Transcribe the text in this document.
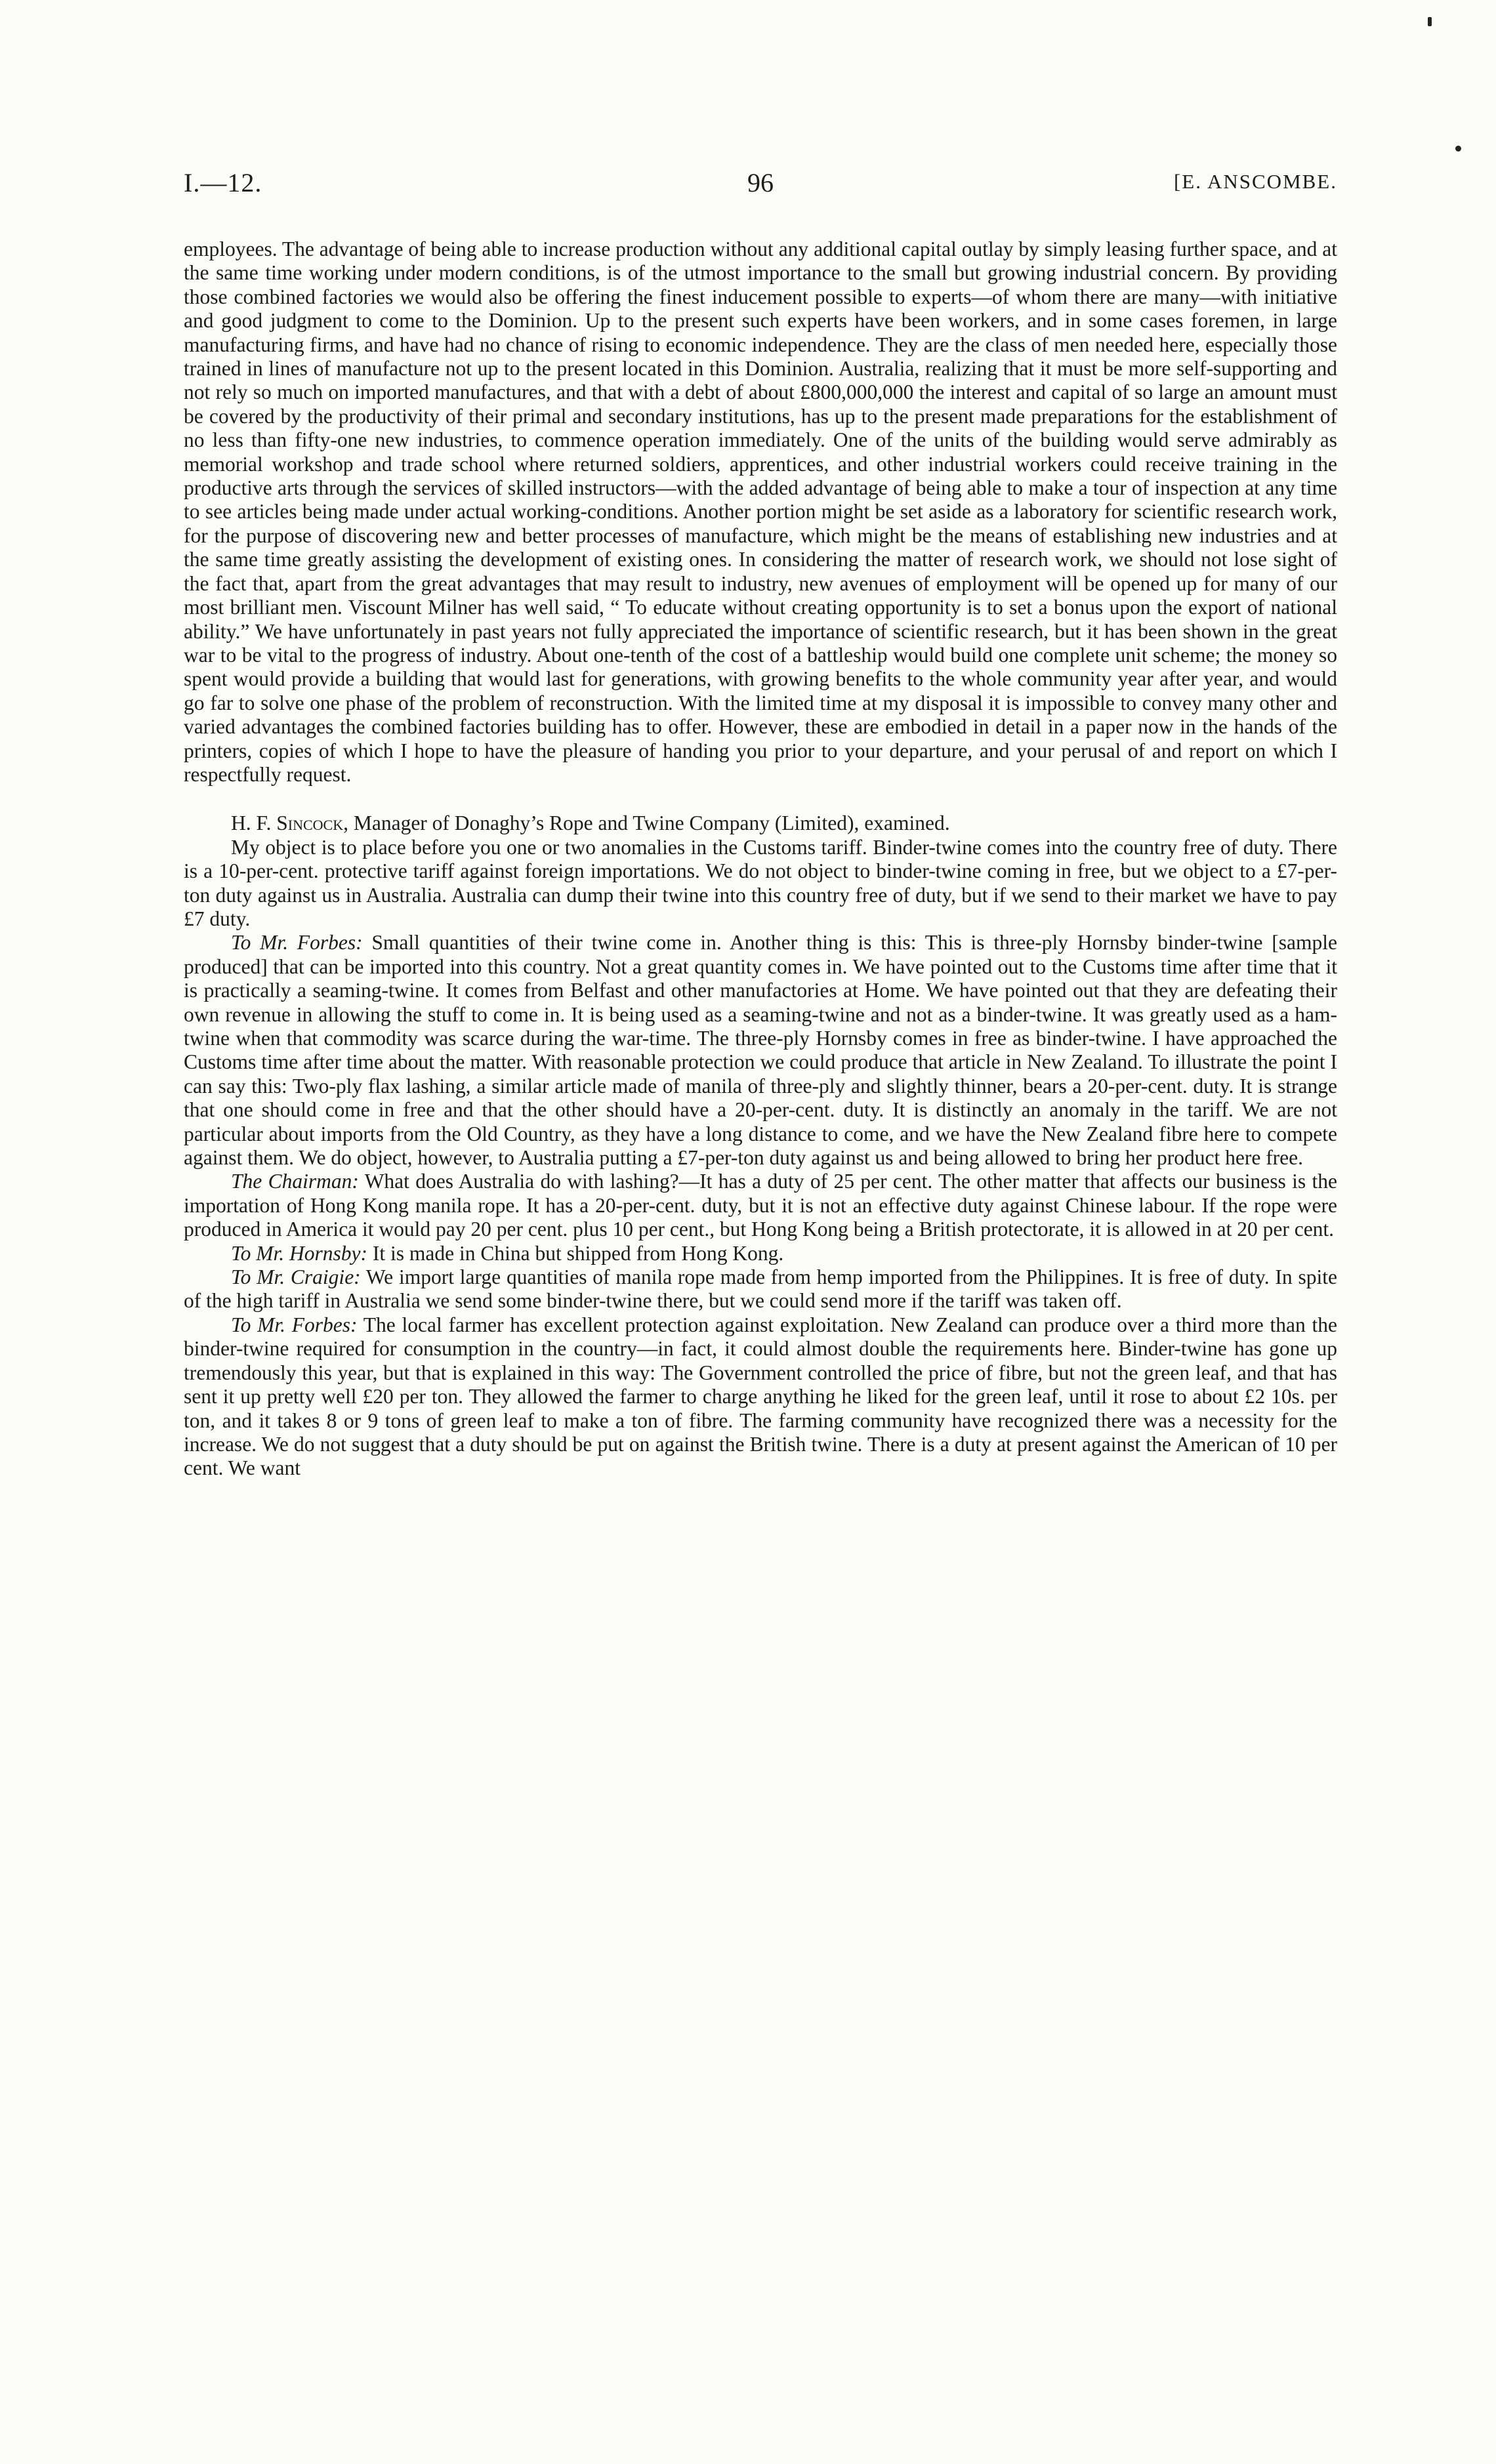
I.—12.	96	[E. ANSCOMBE.

employees. The advantage of being able to increase production without any additional capital outlay by simply leasing further space, and at the same time working under modern conditions, is of the utmost importance to the small but growing industrial concern. By providing those combined factories we would also be offering the finest inducement possible to experts—of whom there are many—with initiative and good judgment to come to the Dominion. Up to the present such experts have been workers, and in some cases foremen, in large manufacturing firms, and have had no chance of rising to economic independence. They are the class of men needed here, especially those trained in lines of manufacture not up to the present located in this Dominion. Australia, realizing that it must be more self-supporting and not rely so much on imported manufactures, and that with a debt of about £800,000,000 the interest and capital of so large an amount must be covered by the productivity of their primal and secondary institutions, has up to the present made preparations for the establishment of no less than fifty-one new industries, to commence operation immediately. One of the units of the building would serve admirably as memorial workshop and trade school where returned soldiers, apprentices, and other industrial workers could receive training in the productive arts through the services of skilled instructors—with the added advantage of being able to make a tour of inspection at any time to see articles being made under actual working-conditions. Another portion might be set aside as a laboratory for scientific research work, for the purpose of discovering new and better processes of manufacture, which might be the means of establishing new industries and at the same time greatly assisting the development of existing ones. In considering the matter of research work, we should not lose sight of the fact that, apart from the great advantages that may result to industry, new avenues of employment will be opened up for many of our most brilliant men. Viscount Milner has well said, “ To educate without creating opportunity is to set a bonus upon the export of national ability.” We have unfortunately in past years not fully appreciated the importance of scientific research, but it has been shown in the great war to be vital to the progress of industry. About one-tenth of the cost of a battleship would build one complete unit scheme; the money so spent would provide a building that would last for generations, with growing benefits to the whole community year after year, and would go far to solve one phase of the problem of reconstruction. With the limited time at my disposal it is impossible to convey many other and varied advantages the combined factories building has to offer. However, these are embodied in detail in a paper now in the hands of the printers, copies of which I hope to have the pleasure of handing you prior to your departure, and your perusal of and report on which I respectfully request.

H. F. Sincock, Manager of Donaghy’s Rope and Twine Company (Limited), examined.

My object is to place before you one or two anomalies in the Customs tariff. Binder-twine comes into the country free of duty. There is a 10-per-cent. protective tariff against foreign importations. We do not object to binder-twine coming in free, but we object to a £7-per-ton duty against us in Australia. Australia can dump their twine into this country free of duty, but if we send to their market we have to pay £7 duty.

To Mr. Forbes: Small quantities of their twine come in. Another thing is this: This is three-ply Hornsby binder-twine [sample produced] that can be imported into this country. Not a great quantity comes in. We have pointed out to the Customs time after time that it is practically a seaming-twine. It comes from Belfast and other manufactories at Home. We have pointed out that they are defeating their own revenue in allowing the stuff to come in. It is being used as a seaming-twine and not as a binder-twine. It was greatly used as a ham-twine when that commodity was scarce during the war-time. The three-ply Hornsby comes in free as binder-twine. I have approached the Customs time after time about the matter. With reasonable protection we could produce that article in New Zealand. To illustrate the point I can say this: Two-ply flax lashing, a similar article made of manila of three-ply and slightly thinner, bears a 20-per-cent. duty. It is strange that one should come in free and that the other should have a 20-per-cent. duty. It is distinctly an anomaly in the tariff. We are not particular about imports from the Old Country, as they have a long distance to come, and we have the New Zealand fibre here to compete against them. We do object, however, to Australia putting a £7-per-ton duty against us and being allowed to bring her product here free.

The Chairman: What does Australia do with lashing?—It has a duty of 25 per cent. The other matter that affects our business is the importation of Hong Kong manila rope. It has a 20-per-cent. duty, but it is not an effective duty against Chinese labour. If the rope were produced in America it would pay 20 per cent. plus 10 per cent., but Hong Kong being a British protectorate, it is allowed in at 20 per cent.

To Mr. Hornsby: It is made in China but shipped from Hong Kong.

To Mr. Craigie: We import large quantities of manila rope made from hemp imported from the Philippines. It is free of duty. In spite of the high tariff in Australia we send some binder-twine there, but we could send more if the tariff was taken off.

To Mr. Forbes: The local farmer has excellent protection against exploitation. New Zealand can produce over a third more than the binder-twine required for consumption in the country—in fact, it could almost double the requirements here. Binder-twine has gone up tremendously this year, but that is explained in this way: The Government controlled the price of fibre, but not the green leaf, and that has sent it up pretty well £20 per ton. They allowed the farmer to charge anything he liked for the green leaf, until it rose to about £2 10s. per ton, and it takes 8 or 9 tons of green leaf to make a ton of fibre. The farming community have recognized there was a necessity for the increase. We do not suggest that a duty should be put on against the British twine. There is a duty at present against the American of 10 per cent. We want
